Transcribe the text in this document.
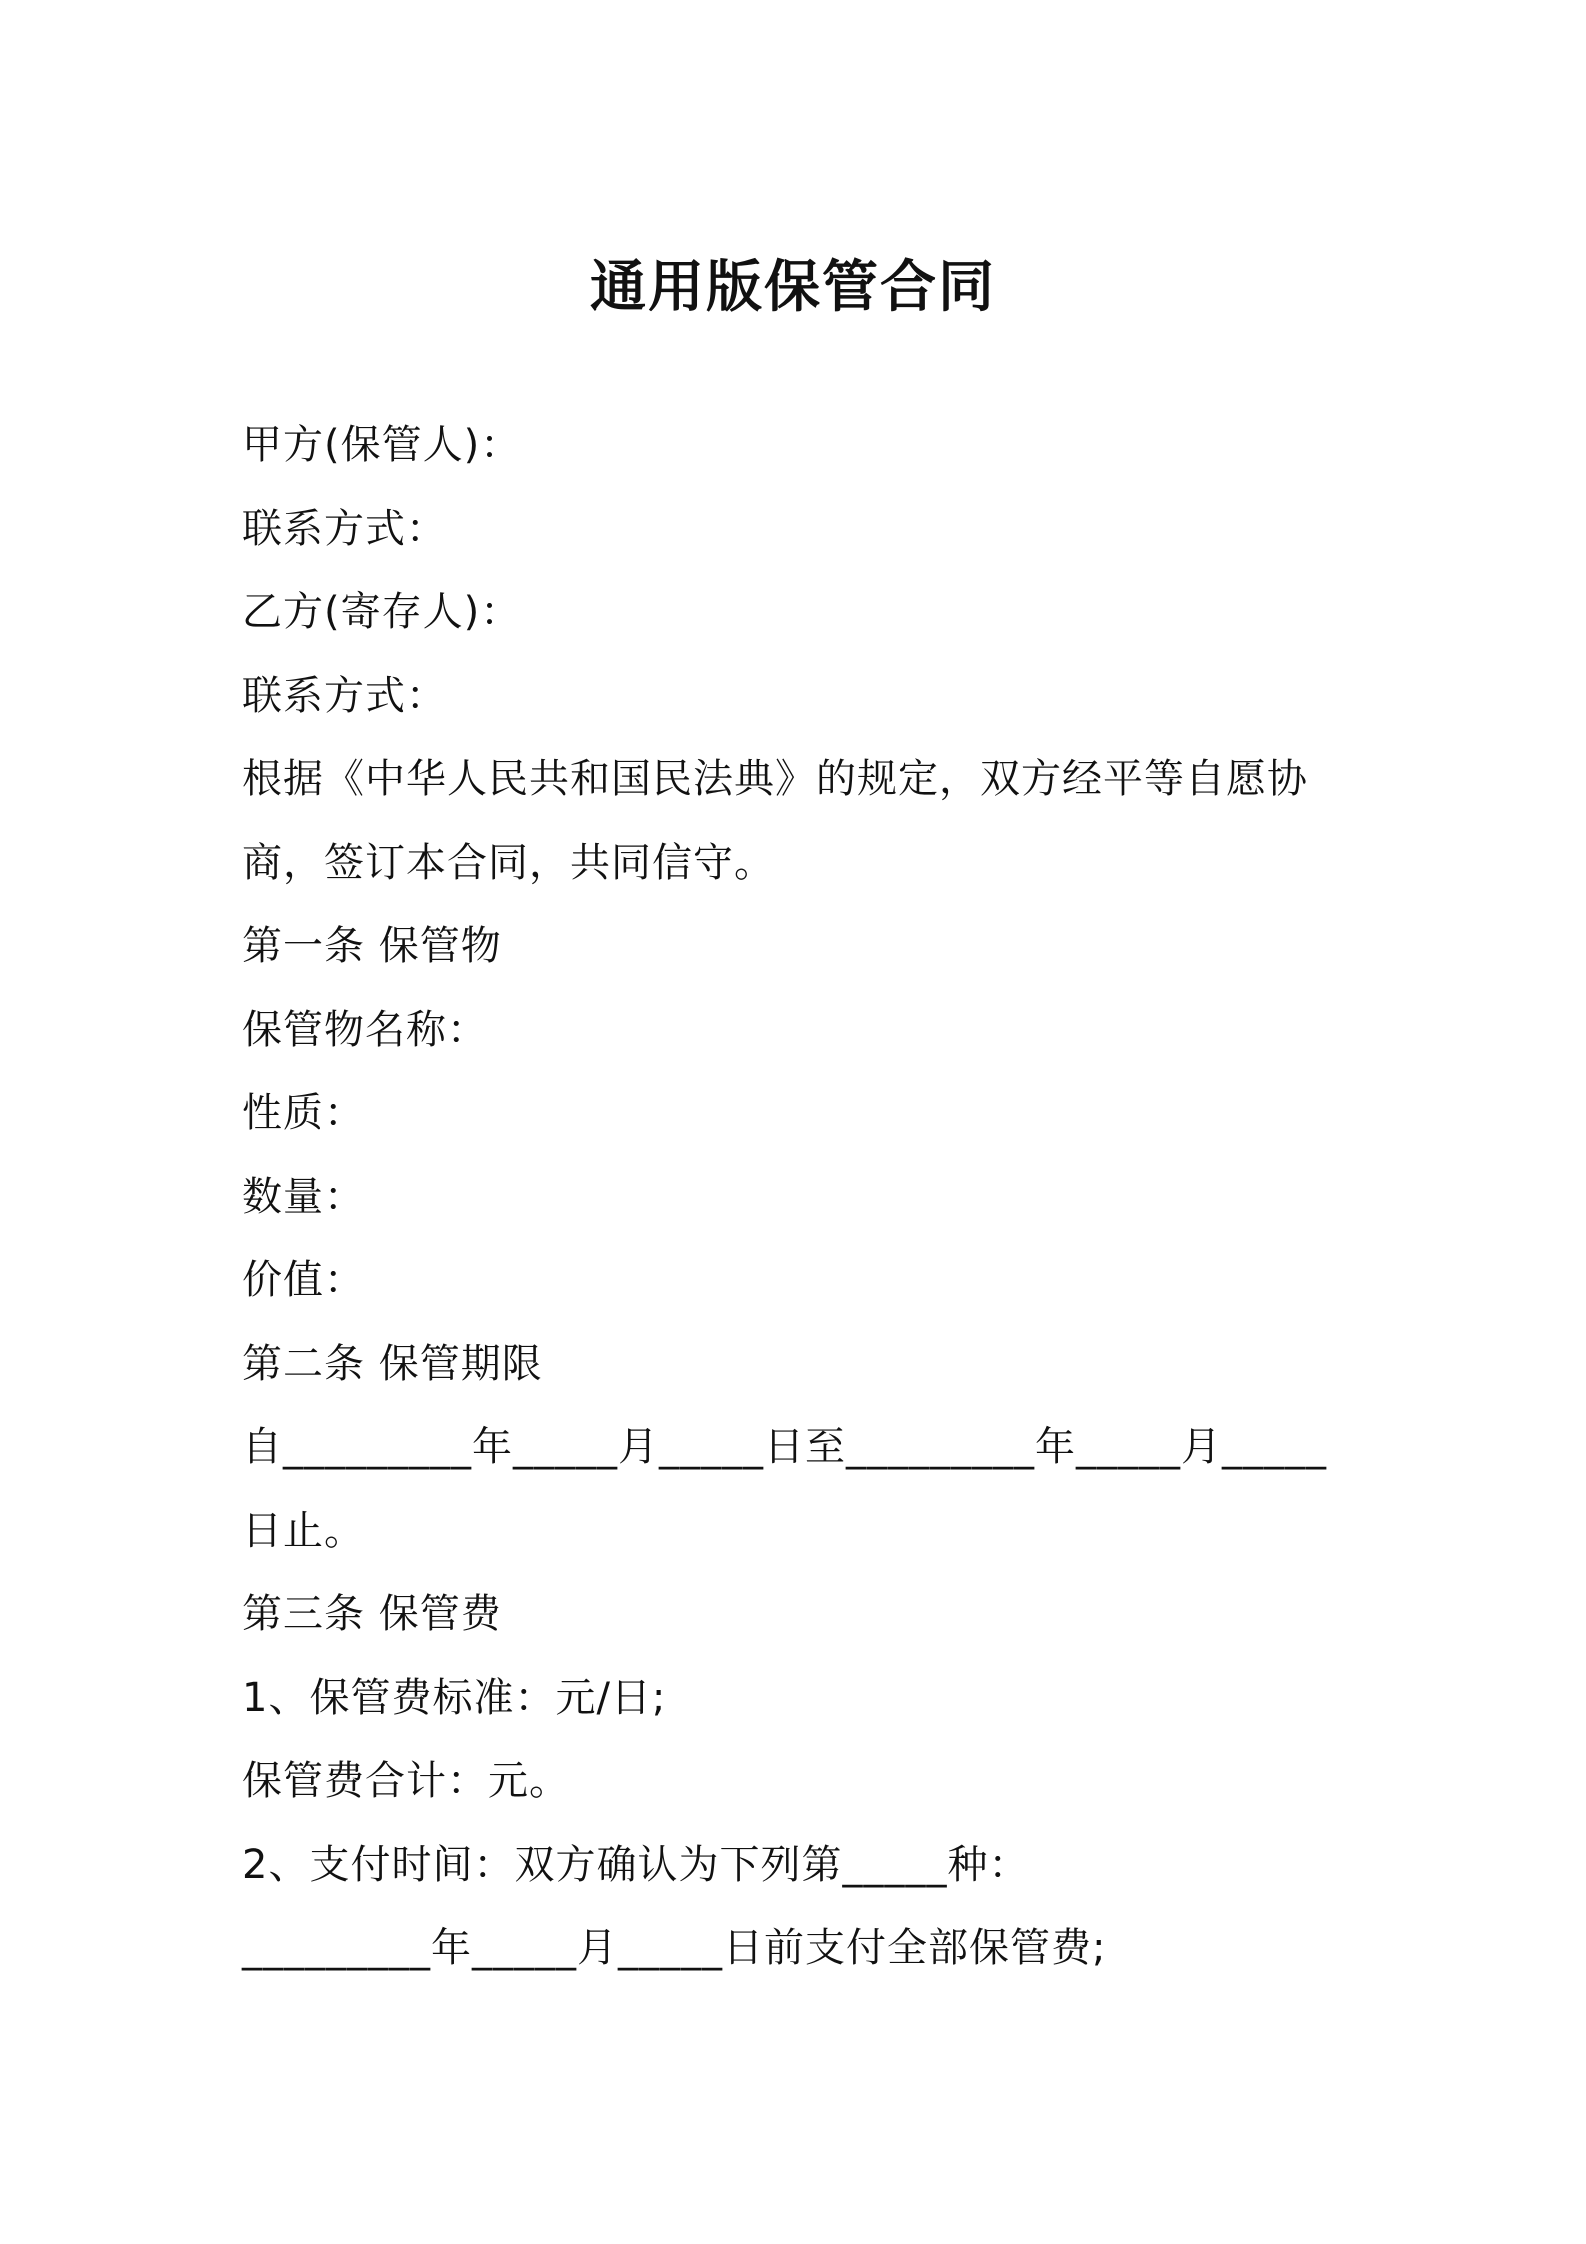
通用版保管合同
甲方(保管人)：
联系方式：
乙方(寄存人)：
联系方式：
根据《中华人民共和国民法典》的规定，双方经平等自愿协
商，签订本合同，共同信守。
第一条 保管物
保管物名称：
性质：
数量：
价值：
第二条 保管期限
自_________年_____月_____日至_________年_____月_____
日止。
第三条 保管费
1、保管费标准：元/日;
保管费合计：元。
2、支付时间：双方确认为下列第_____种：
_________年_____月_____日前支付全部保管费;
